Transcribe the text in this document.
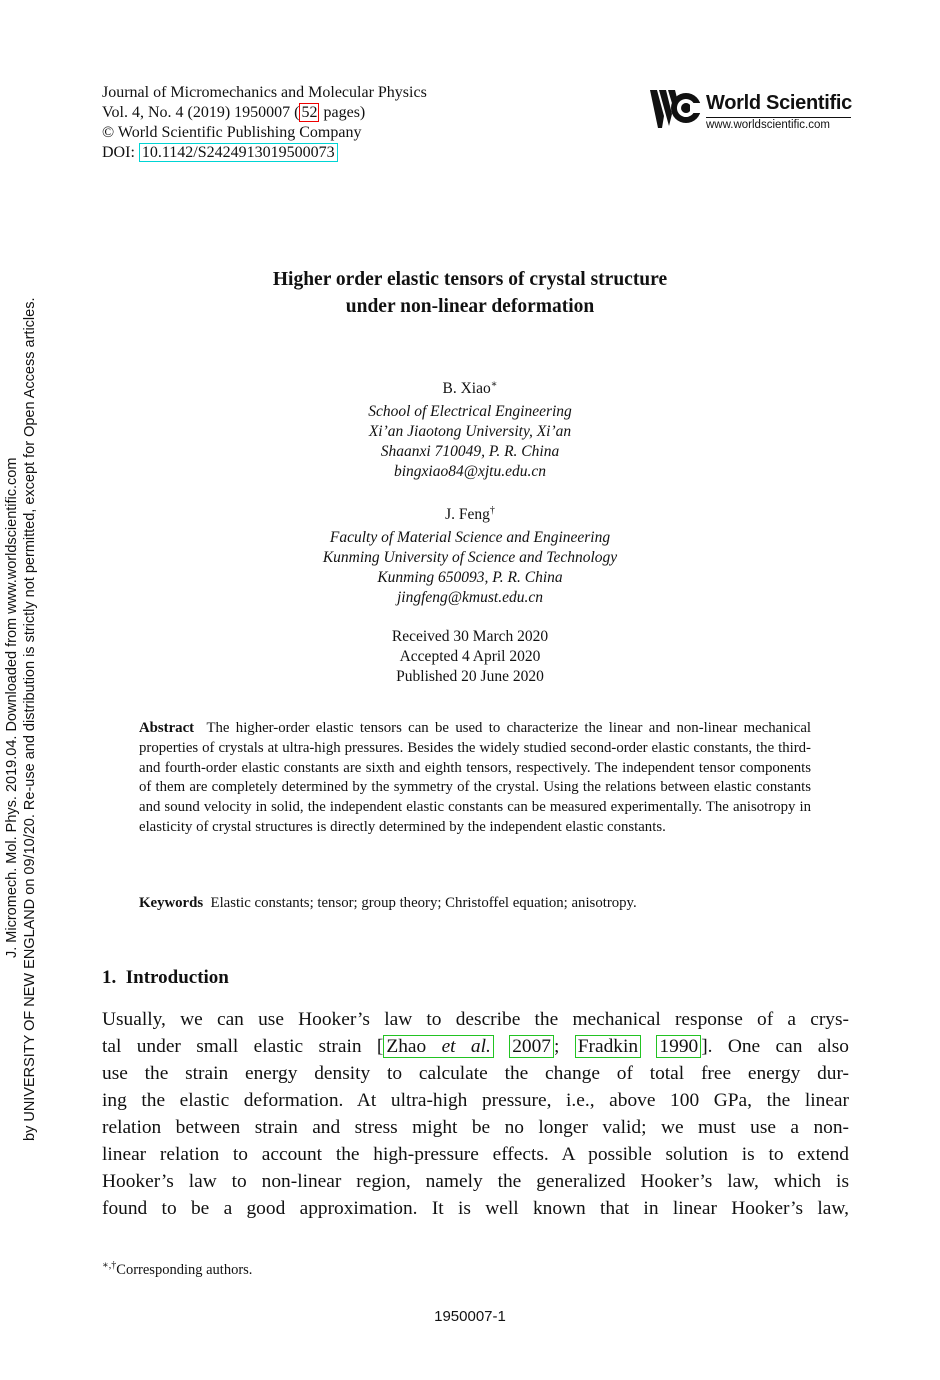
J. Micromech. Mol. Phys. 2019.04. Downloaded from www.worldscientific.com by UNIVERSITY OF NEW ENGLAND on 09/10/20. Re-use and distribution is strictly not permitted, except for Open Access articles.
Journal of Micromechanics and Molecular Physics
Vol. 4, No. 4 (2019) 1950007 ( 52 pages)
© World Scientific Publishing Company
DOI: 10.1142/S2424913019500073
World Scientific
www.worldscientific.com
Higher order elastic tensors of crystal structure
under non-linear deformation
B. Xiao∗
School of Electrical Engineering
Xi’an Jiaotong University, Xi’an
Shaanxi 710049, P. R. China
bingxiao84@xjtu.edu.cn
J. Feng†
Faculty of Material Science and Engineering
Kunming University of Science and Technology
Kunming 650093, P. R. China
jingfeng@kmust.edu.cn
Received 30 March 2020
Accepted 4 April 2020
Published 20 June 2020
Abstract The higher-order elastic tensors can be used to characterize the linear and non-linear mechanical properties of crystals at ultra-high pressures. Besides the widely studied second-order elastic constants, the third- and fourth-order elastic constants are sixth and eighth tensors, respectively. The independent tensor components of them are completely determined by the symmetry of the crystal. Using the relations between elastic constants and sound velocity in solid, the independent elastic constants can be measured experimentally. The anisotropy in elasticity of crystal structures is directly determined by the independent elastic constants.
Keywords Elastic constants; tensor; group theory; Christoffel equation; anisotropy.
1. Introduction
Usually, we can use Hooker’s law to describe the mechanical response of a crys-
tal under small elastic strain [ Zhao et al. 2007 ; Fradkin 1990 ]. One can also
use the strain energy density to calculate the change of total free energy dur-
ing the elastic deformation. At ultra-high pressure, i.e., above 100 GPa, the linear
relation between strain and stress might be no longer valid; we must use a non-
linear relation to account the high-pressure effects. A possible solution is to extend
Hooker’s law to non-linear region, namely the generalized Hooker’s law, which is
found to be a good approximation. It is well known that in linear Hooker’s law,
∗,†Corresponding authors.
1950007-1
